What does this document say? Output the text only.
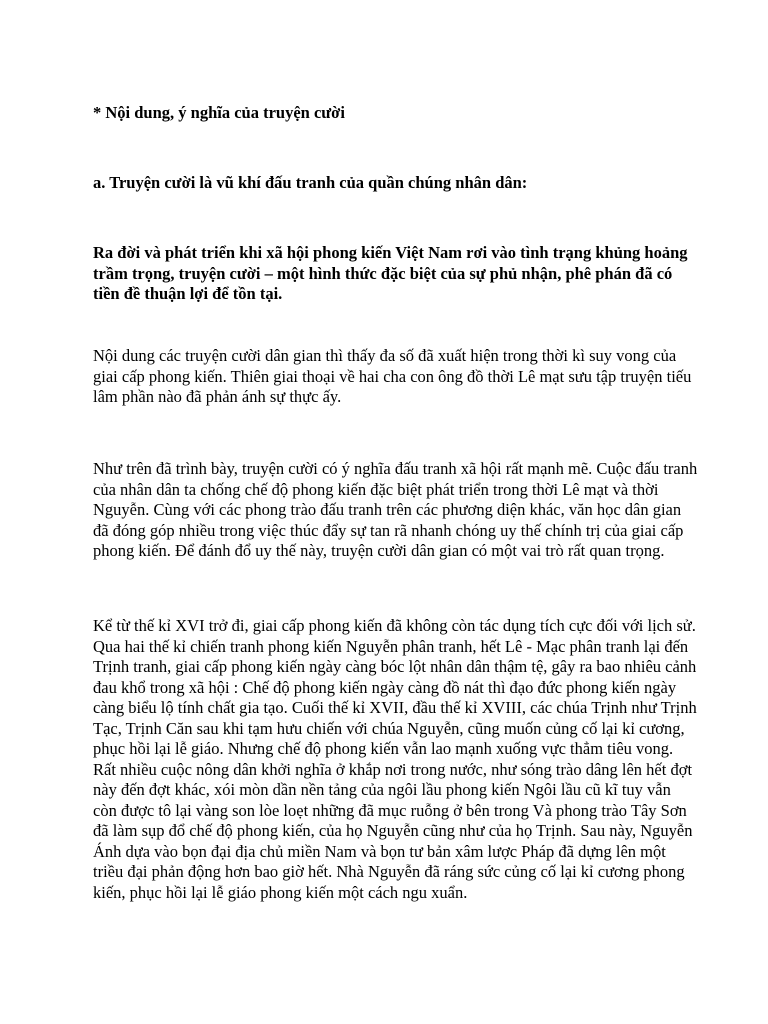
* Nội dung, ý nghĩa của truyện cười

a. Truyện cười là vũ khí đấu tranh của quần chúng nhân dân:

Ra đời và phát triển khi xã hội phong kiến Việt Nam rơi vào tình trạng khủng hoảng trầm trọng, truyện cười – một hình thức đặc biệt của sự phủ nhận, phê phán đã có tiền đề thuận lợi để tồn tại.

Nội dung các truyện cười dân gian thì thấy đa số đã xuất hiện trong thời kì suy vong của giai cấp phong kiến. Thiên giai thoại về hai cha con ông đồ thời Lê mạt sưu tập truyện tiếu lâm phần nào đã phản ánh sự thực ấy.

Như trên đã trình bày, truyện cười có ý nghĩa đấu tranh xã hội rất mạnh mẽ. Cuộc đấu tranh của nhân dân ta chống chế độ phong kiến đặc biệt phát triển trong thời Lê mạt và thời Nguyễn. Cùng với các phong trào đấu tranh trên các phương diện khác, văn học dân gian đã đóng góp nhiều trong việc thúc đẩy sự tan rã nhanh chóng uy thế chính trị của giai cấp phong kiến. Để đánh đổ uy thế này, truyện cười dân gian có một vai trò rất quan trọng.

Kể từ thế kỉ XVI trở đi, giai cấp phong kiến đã không còn tác dụng tích cực đối với lịch sử. Qua hai thế kỉ chiến tranh phong kiến Nguyễn phân tranh, hết Lê - Mạc phân tranh lại đến Trịnh tranh, giai cấp phong kiến ngày càng bóc lột nhân dân thậm tệ, gây ra bao nhiêu cảnh đau khổ trong xã hội : Chế độ phong kiến ngày càng đồ nát thì đạo đức phong kiến ngày càng biểu lộ tính chất gia tạo. Cuối thế kỉ XVII, đầu thế kỉ XVIII, các chúa Trịnh như Trịnh Tạc, Trịnh Căn sau khi tạm hưu chiến với chúa Nguyễn, cũng muốn củng cố lại kỉ cương, phục hồi lại lễ giáo. Nhưng chế độ phong kiến vẫn lao mạnh xuống vực thẳm tiêu vong. Rất nhiều cuộc nông dân khởi nghĩa ở khắp nơi trong nước, như sóng trào dâng lên hết đợt này đến đợt khác, xói mòn dần nền tảng của ngôi lầu phong kiến Ngôi lầu cũ kĩ tuy vẫn còn được tô lại vàng son lòe loẹt những đã mục ruỗng ở bên trong Và phong trào Tây Sơn đã làm sụp đổ chế độ phong kiến, của họ Nguyễn cũng như của họ Trịnh. Sau này, Nguyễn Ánh dựa vào bọn đại địa chủ miền Nam và bọn tư bản xâm lược Pháp đã dựng lên một triều đại phản động hơn bao giờ hết. Nhà Nguyễn đã ráng sức củng cố lại kỉ cương phong kiến, phục hồi lại lễ giáo phong kiến một cách ngu xuẩn.
